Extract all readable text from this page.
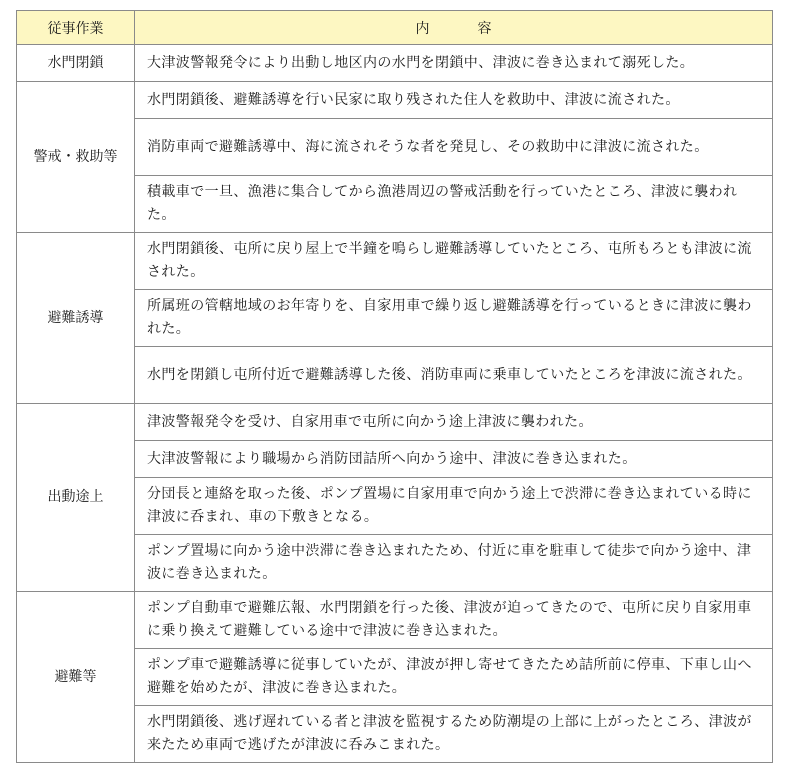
従事作業	内容
水門閉鎖	大津波警報発令により出動し地区内の水門を閉鎖中、津波に巻き込まれて溺死した。
警戒・救助等	水門閉鎖後、避難誘導を行い民家に取り残された住人を救助中、津波に流された。
	消防車両で避難誘導中、海に流されそうな者を発見し、その救助中に津波に流された。
	積載車で一旦、漁港に集合してから漁港周辺の警戒活動を行っていたところ、津波に襲われた。
避難誘導	水門閉鎖後、屯所に戻り屋上で半鐘を鳴らし避難誘導していたところ、屯所もろとも津波に流された。
	所属班の管轄地域のお年寄りを、自家用車で繰り返し避難誘導を行っているときに津波に襲われた。
	水門を閉鎖し屯所付近で避難誘導した後、消防車両に乗車していたところを津波に流された。
出動途上	津波警報発令を受け、自家用車で屯所に向かう途上津波に襲われた。
	大津波警報により職場から消防団詰所へ向かう途中、津波に巻き込まれた。
	分団長と連絡を取った後、ポンプ置場に自家用車で向かう途上で渋滞に巻き込まれている時に津波に呑まれ、車の下敷きとなる。
	ポンプ置場に向かう途中渋滞に巻き込まれたため、付近に車を駐車して徒歩で向かう途中、津波に巻き込まれた。
避難等	ポンプ自動車で避難広報、水門閉鎖を行った後、津波が迫ってきたので、屯所に戻り自家用車に乗り換えて避難している途中で津波に巻き込まれた。
	ポンプ車で避難誘導に従事していたが、津波が押し寄せてきたため詰所前に停車、下車し山へ避難を始めたが、津波に巻き込まれた。
	水門閉鎖後、逃げ遅れている者と津波を監視するため防潮堤の上部に上がったところ、津波が来たため車両で逃げたが津波に呑みこまれた。
